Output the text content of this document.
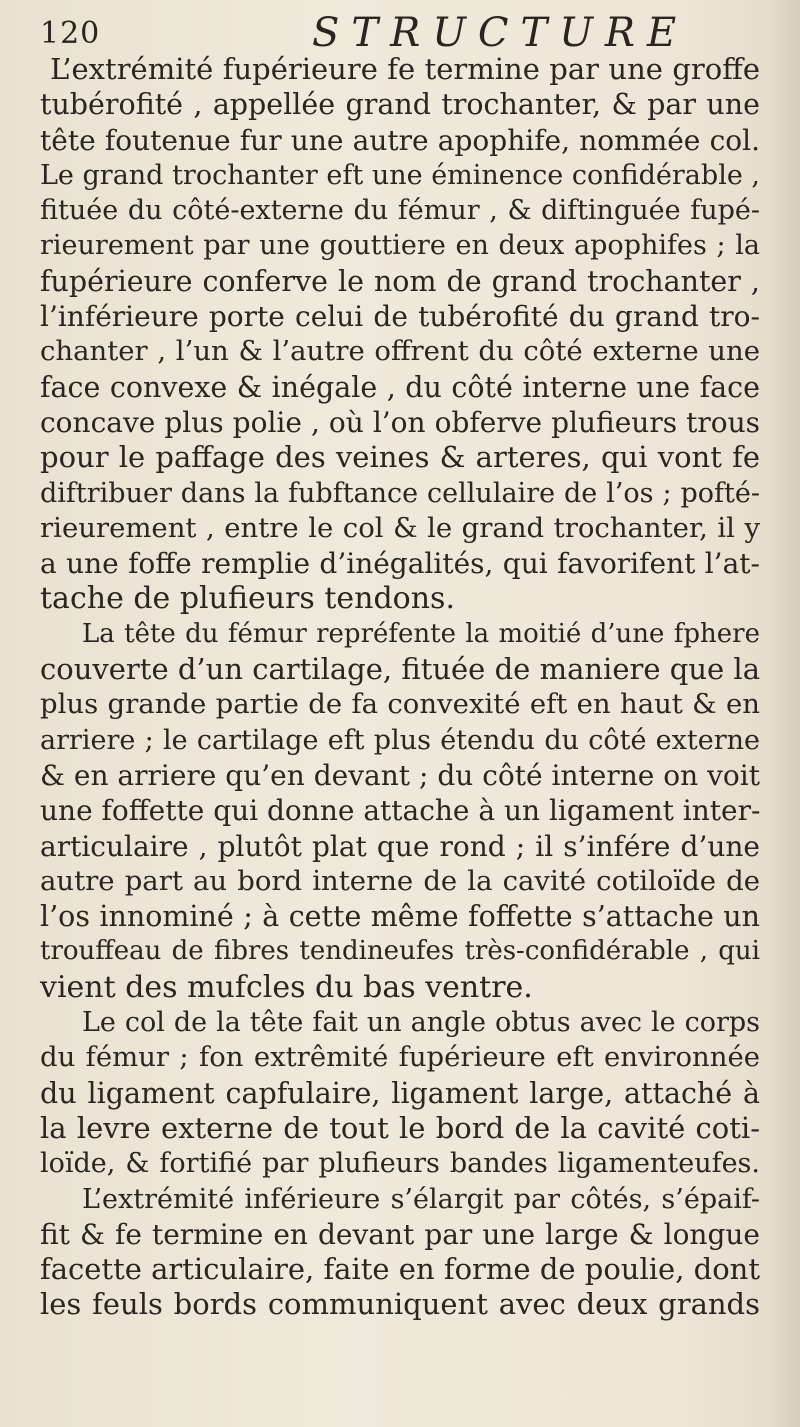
120	STRUCTURE
L’extrémité fupérieure fe termine par une groffe
tubérofité , appellée grand trochanter, & par une
tête foutenue fur une autre apophife, nommée col.
Le grand trochanter eft une éminence confidérable ,
fituée du côté-externe du fémur , & diftinguée fupé-
rieurement par une gouttiere en deux apophifes ; la
fupérieure conferve le nom de grand trochanter ,
l’inférieure porte celui de tubérofité du grand tro-
chanter , l’un & l’autre offrent du côté externe une
face convexe & inégale , du côté interne une face
concave plus polie , où l’on obferve plufieurs trous
pour le paffage des veines & arteres, qui vont fe
diftribuer dans la fubftance cellulaire de l’os ; pofté-
rieurement , entre le col & le grand trochanter, il y
a une foffe remplie d’inégalités, qui favorifent l’at-
tache de plufieurs tendons.
La tête du fémur repréfente la moitié d’une fphere
couverte d’un cartilage, fituée de maniere que la
plus grande partie de fa convexité eft en haut & en
arriere ; le cartilage eft plus étendu du côté externe
& en arriere qu’en devant ; du côté interne on voit
une foffette qui donne attache à un ligament inter-
articulaire , plutôt plat que rond ; il s’infére d’une
autre part au bord interne de la cavité cotiloïde de
l’os innominé ; à cette même foffette s’attache un
trouffeau de fibres tendineufes très-confidérable , qui
vient des mufcles du bas ventre.
Le col de la tête fait un angle obtus avec le corps
du fémur ; fon extrêmité fupérieure eft environnée
du ligament capfulaire, ligament large, attaché à
la levre externe de tout le bord de la cavité coti-
loïde, & fortifié par plufieurs bandes ligamenteufes.
L’extrémité inférieure s’élargit par côtés, s’épaif-
fit & fe termine en devant par une large & longue
facette articulaire, faite en forme de poulie, dont
les feuls bords communiquent avec deux grands
